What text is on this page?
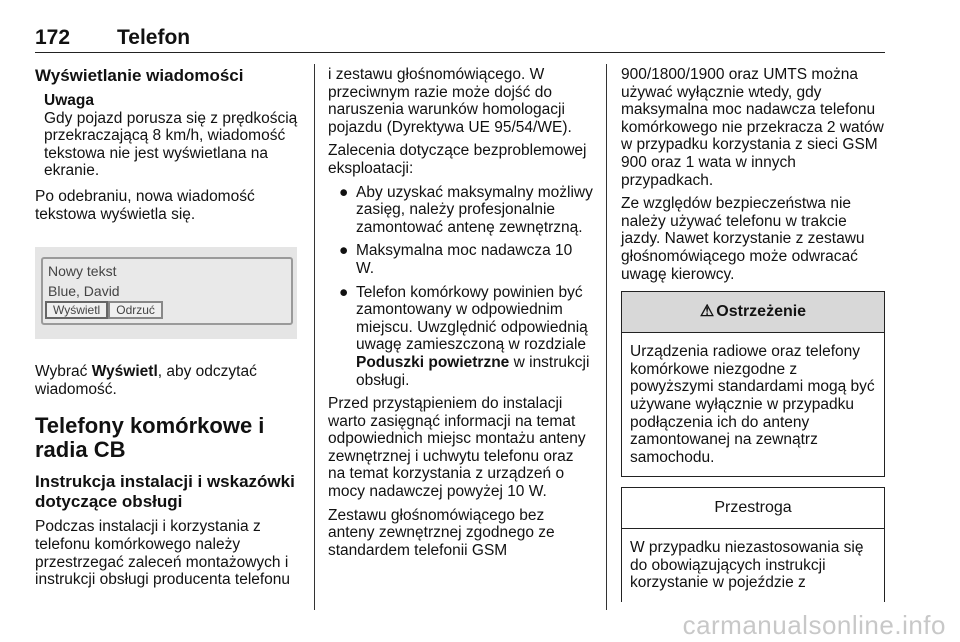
172 Telefon
Wyświetlanie wiadomości
Uwaga
Gdy pojazd porusza się z prędkością przekraczającą 8 km/h, wiadomość tekstowa nie jest wyświetlana na ekranie.

Po odebraniu, nowa wiadomość tekstowa wyświetla się.

Nowy tekst
Blue, David
Wyświetl	Odrzuć

Wybrać Wyświetl, aby odczytać wiadomość.

Telefony komórkowe i radia CB
Instrukcja instalacji i wskazówki dotyczące obsługi

Podczas instalacji i korzystania z telefonu komórkowego należy przestrzegać zaleceń montażowych i instrukcji obsługi producenta telefonu

i zestawu głośnomówiącego. W przeciwnym razie może dojść do naruszenia warunków homologacji pojazdu (Dyrektywa UE 95/54/WE).

Zalecenia dotyczące bezproblemowej eksploatacji:

● Aby uzyskać maksymalny możliwy zasięg, należy profesjonalnie zamontować antenę zewnętrzną.
● Maksymalna moc nadawcza 10 W.
● Telefon komórkowy powinien być zamontowany w odpowiednim miejscu. Uwzględnić odpowiednią uwagę zamieszczoną w rozdziale Poduszki powietrzne w instrukcji obsługi.

Przed przystąpieniem do instalacji warto zasięgnąć informacji na temat odpowiednich miejsc montażu anteny zewnętrznej i uchwytu telefonu oraz na temat korzystania z urządzeń o mocy nadawczej powyżej 10 W.

Zestawu głośnomówiącego bez anteny zewnętrznej zgodnego ze standardem telefonii GSM

900/1800/1900 oraz UMTS można używać wyłącznie wtedy, gdy maksymalna moc nadawcza telefonu komórkowego nie przekracza 2 watów w przypadku korzystania z sieci GSM 900 oraz 1 wata w innych przypadkach.

Ze względów bezpieczeństwa nie należy używać telefonu w trakcie jazdy. Nawet korzystanie z zestawu głośnomówiącego może odwracać uwagę kierowcy.

⚠ Ostrzeżenie
Urządzenia radiowe oraz telefony komórkowe niezgodne z powyższymi standardami mogą być używane wyłącznie w przypadku podłączenia ich do anteny zamontowanej na zewnątrz samochodu.
Przestroga
W przypadku niezastosowania się do obowiązujących instrukcji korzystanie w pojeździe z
carmanualsonline.info
